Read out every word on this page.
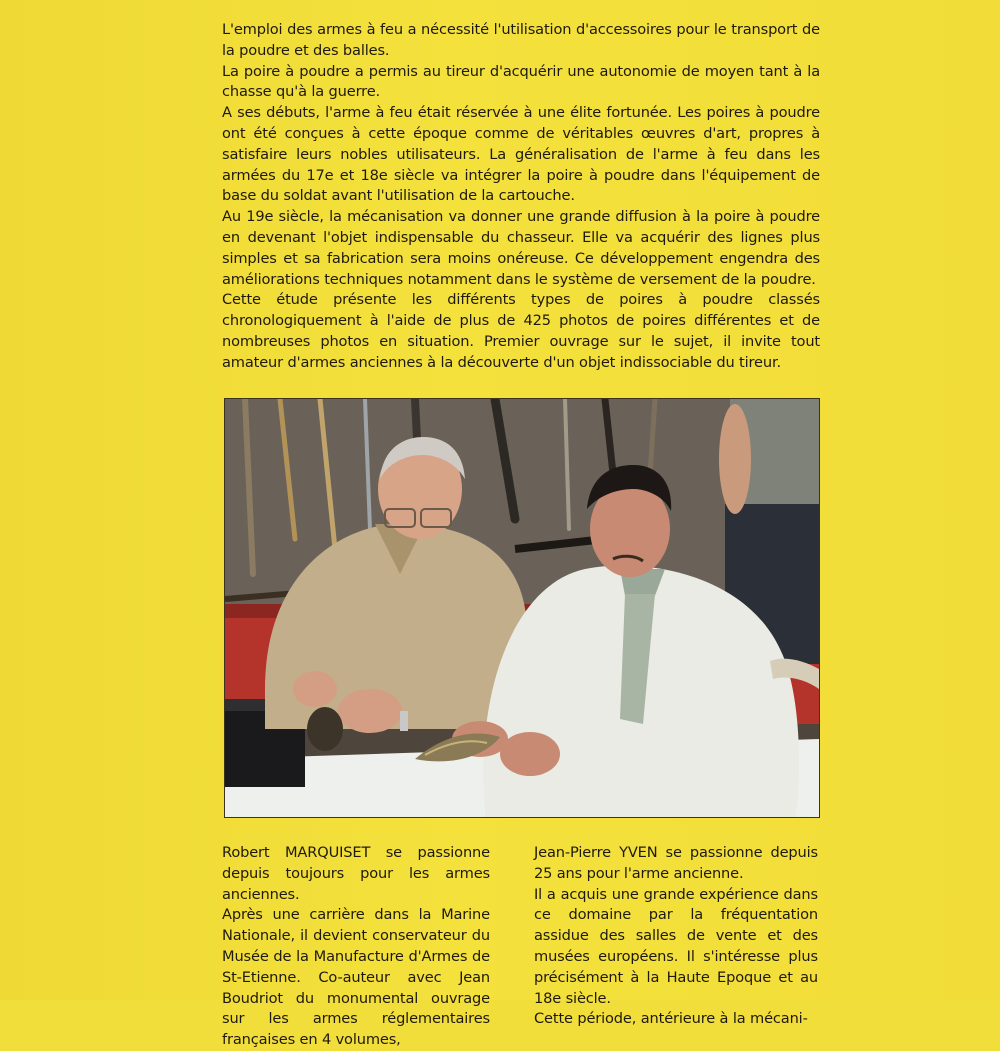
L'emploi des armes à feu a nécessité l'utilisation d'accessoires pour le transport de la poudre et des balles.

La poire à poudre a permis au tireur d'acquérir une autonomie de moyen tant à la chasse qu'à la guerre.

A ses débuts, l'arme à feu était réservée à une élite fortunée. Les poires à poudre ont été conçues à cette époque comme de véritables œuvres d'art, propres à satisfaire leurs nobles utilisateurs. La généralisation de l'arme à feu dans les armées du 17e et 18e siècle va intégrer la poire à poudre dans l'équipement de base du soldat avant l'utilisation de la cartouche.

Au 19e siècle, la mécanisation va donner une grande diffusion à la poire à poudre en devenant l'objet indispensable du chasseur. Elle va acquérir des lignes plus simples et sa fabrication sera moins onéreuse. Ce développement engendra des améliorations techniques notamment dans le système de versement de la poudre.

Cette étude présente les différents types de poires à poudre classés chronologiquement à l'aide de plus de 425 photos de poires différentes et de nombreuses photos en situation. Premier ouvrage sur le sujet, il invite tout amateur d'armes anciennes à la découverte d'un objet indissociable du tireur.

Robert MARQUISET se passionne depuis toujours pour les armes anciennes.

Après une carrière dans la Marine Nationale, il devient conservateur du Musée de la Manufacture d'Armes de St-Etienne. Co-auteur avec Jean Boudriot du monumental ouvrage sur les armes réglementaires françaises en 4 volumes,

Jean-Pierre YVEN se passionne depuis 25 ans pour l'arme ancienne.

Il a acquis une grande expérience dans ce domaine par la fréquentation assidue des salles de vente et des musées européens. Il s'intéresse plus précisément à la Haute Epoque et au 18e siècle.

Cette période, antérieure à la mécani-
